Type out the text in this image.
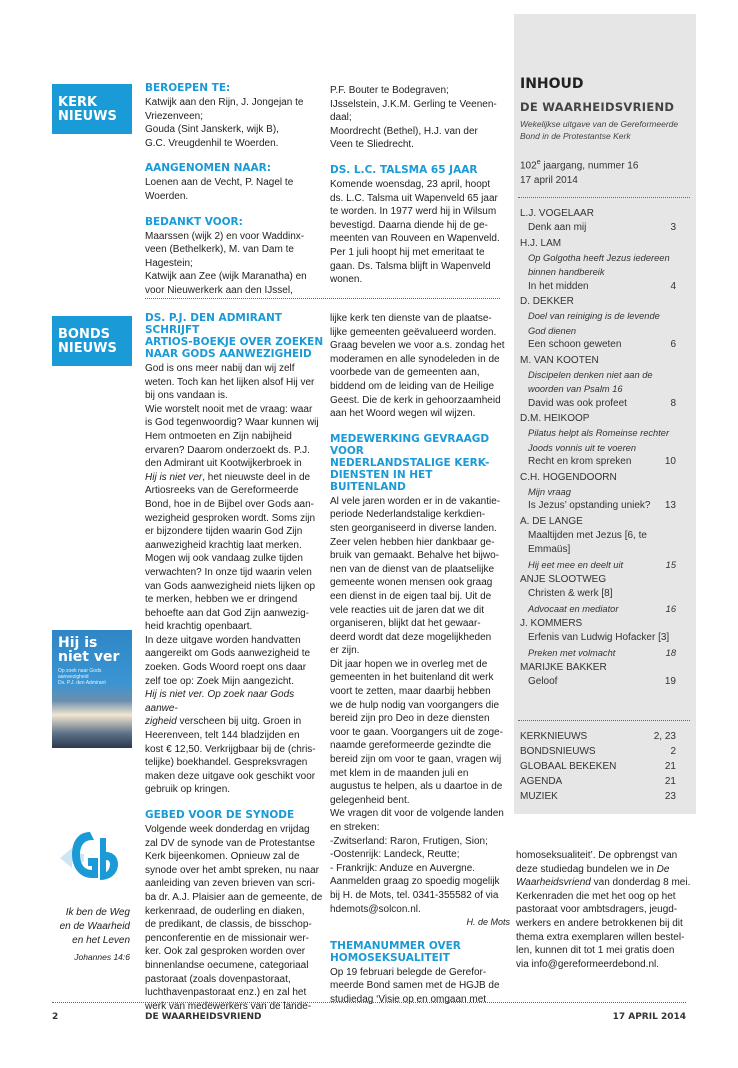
KERK
NIEUWS
BONDS
NIEUWS
BEROEPEN TE:
Katwijk aan den Rijn, J. Jongejan te
Vriezenveen;
Gouda (Sint Janskerk, wijk B),
G.C. Vreugdenhil te Woerden.
AANGENOMEN NAAR:
Loenen aan de Vecht, P. Nagel te
Woerden.
BEDANKT VOOR:
Maarssen (wijk 2) en voor Waddinx-
veen (Bethelkerk), M. van Dam te
Hagestein;
Katwijk aan Zee (wijk Maranatha) en
voor Nieuwerkerk aan den IJssel,
P.F. Bouter te Bodegraven;
IJsselstein, J.K.M. Gerling te Veenen-
daal;
Moordrecht (Bethel), H.J. van der
Veen te Sliedrecht.
DS. L.C. TALSMA 65 JAAR
Komende woensdag, 23 april, hoopt
ds. L.C. Talsma uit Wapenveld 65 jaar
te worden. In 1977 werd hij in Wilsum
bevestigd. Daarna diende hij de ge-
meenten van Rouveen en Wapenveld.
Per 1 juli hoopt hij met emeritaat te
gaan. Ds. Talsma blijft in Wapenveld
wonen.
DS. P.J. DEN ADMIRANT SCHRIJFT
ARTIOS-BOEKJE OVER ZOEKEN
NAAR GODS AANWEZIGHEID
God is ons meer nabij dan wij zelf
weten. Toch kan het lijken alsof Hij ver
bij ons vandaan is.
Wie worstelt nooit met de vraag: waar
is God tegenwoordig? Waar kunnen wij
Hem ontmoeten en Zijn nabijheid
ervaren? Daarom onderzoekt ds. P.J.
den Admirant uit Kootwijkerbroek in
Hij is niet ver, het nieuwste deel in de
Artiosreeks van de Gereformeerde
Bond, hoe in de Bijbel over Gods aan-
wezigheid gesproken wordt. Soms zijn
er bijzondere tijden waarin God Zijn
aanwezigheid krachtig laat merken.
Mogen wij ook vandaag zulke tijden
verwachten? In onze tijd waarin velen
van Gods aanwezigheid niets lijken op
te merken, hebben we er dringend
behoefte aan dat God Zijn aanwezig-
heid krachtig openbaart.
In deze uitgave worden handvatten
aangereikt om Gods aanwezigheid te
zoeken. Gods Woord roept ons daar
zelf toe op: Zoek Mijn aangezicht.
Hij is niet ver. Op zoek naar Gods aanwe-
zigheid verscheen bij uitg. Groen in
Heerenveen, telt 144 bladzijden en
kost € 12,50. Verkrijgbaar bij de (chris-
telijke) boekhandel. Gespreksvragen
maken deze uitgave ook geschikt voor
gebruik op kringen.
GEBED VOOR DE SYNODE
Volgende week donderdag en vrijdag
zal DV de synode van de Protestantse
Kerk bijeenkomen. Opnieuw zal de
synode over het ambt spreken, nu naar
aanleiding van zeven brieven van scri-
ba dr. A.J. Plaisier aan de gemeente, de
kerkenraad, de ouderling en diaken,
de predikant, de classis, de bisschop-
penconferentie en de missionair wer-
ker. Ook zal gesproken worden over
binnenlandse oecumene, categoriaal
pastoraat (zoals dovenpastoraat,
luchthavenpastoraat enz.) en zal het
werk van medewerkers van de lande-
lijke kerk ten dienste van de plaatse-
lijke gemeenten geëvalueerd worden.
Graag bevelen we voor a.s. zondag het
moderamen en alle synodeleden in de
voorbede van de gemeenten aan,
biddend om de leiding van de Heilige
Geest. Die de kerk in gehoorzaamheid
aan het Woord wegen wil wijzen.
MEDEWERKING GEVRAAGD VOOR
NEDERLANDSTALIGE KERK-
DIENSTEN IN HET BUITENLAND
Al vele jaren worden er in de vakantie-
periode Nederlandstalige kerkdien-
sten georganiseerd in diverse landen.
Zeer velen hebben hier dankbaar ge-
bruik van gemaakt. Behalve het bijwo-
nen van de dienst van de plaatselijke
gemeente wonen mensen ook graag
een dienst in de eigen taal bij. Uit de
vele reacties uit de jaren dat we dit
organiseren, blijkt dat het gewaar-
deerd wordt dat deze mogelijkheden
er zijn.
Dit jaar hopen we in overleg met de
gemeenten in het buitenland dit werk
voort te zetten, maar daarbij hebben
we de hulp nodig van voorgangers die
bereid zijn pro Deo in deze diensten
voor te gaan. Voorgangers uit de zoge-
naamde gereformeerde gezindte die
bereid zijn om voor te gaan, vragen wij
met klem in de maanden juli en
augustus te helpen, als u daartoe in de
gelegenheid bent.
We vragen dit voor de volgende landen
en streken:
-Zwitserland: Raron, Frutigen, Sion;
-Oostenrijk: Landeck, Reutte;
- Frankrijk: Anduze en Auvergne.
Aanmelden graag zo spoedig mogelijk
bij H. de Mots, tel. 0341-355582 of via
hdemots@solcon.nl.
H. de Mots
THEMANUMMER OVER
HOMOSEKSUALITEIT
Op 19 februari belegde de Gerefor-
meerde Bond samen met de HGJB de
studiedag ‘Visie op en omgaan met
homoseksualiteit’. De opbrengst van
deze studiedag bundelen we in De
Waarheidsvriend van donderdag 8 mei.
Kerkenraden die met het oog op het
pastoraat voor ambtsdragers, jeugd-
werkers en andere betrokkenen bij dit
thema extra exemplaren willen bestel-
len, kunnen dit tot 1 mei gratis doen
via info@gereformeerdebond.nl.
Hij is
niet ver
Op zoek naar Gods aanwezigheid
Ds. P.J. den Admirant
Ik ben de Weg
en de Waarheid
en het Leven
Johannes 14:6
INHOUD
DE WAARHEIDSVRIEND
Wekelijkse uitgave van de Gereformeerde
Bond in de Protestantse Kerk
102e jaargang, nummer 16
17 april 2014
L.J. VOGELAAR
Denk aan mij	3
H.J. LAM
Op Golgotha heeft Jezus iedereen binnen handbereik
In het midden	4
D. DEKKER
Doel van reiniging is de levende God dienen
Een schoon geweten	6
M. VAN KOOTEN
Discipelen denken niet aan de woorden van Psalm 16
David was ook profeet	8
D.M. HEIKOOP
Pilatus helpt als Romeinse rechter Joods vonnis uit te voeren
Recht en krom spreken	10
C.H. HOGENDOORN
Mijn vraag
Is Jezus’ opstanding uniek?	13
A. DE LANGE
Maaltijden met Jezus [6, te Emmaüs]
Hij eet mee en deelt uit	15
ANJE SLOOTWEG
Christen & werk [8]
Advocaat en mediator	16
J. KOMMERS
Erfenis van Ludwig Hofacker [3]
Preken met volmacht	18
MARIJKE BAKKER
Geloof	19
KERKNIEUWS	2, 23
BONDSNIEUWS	2
GLOBAAL BEKEKEN	21
AGENDA	21
MUZIEK	23
2	DE WAARHEIDSVRIEND	17 APRIL 2014
